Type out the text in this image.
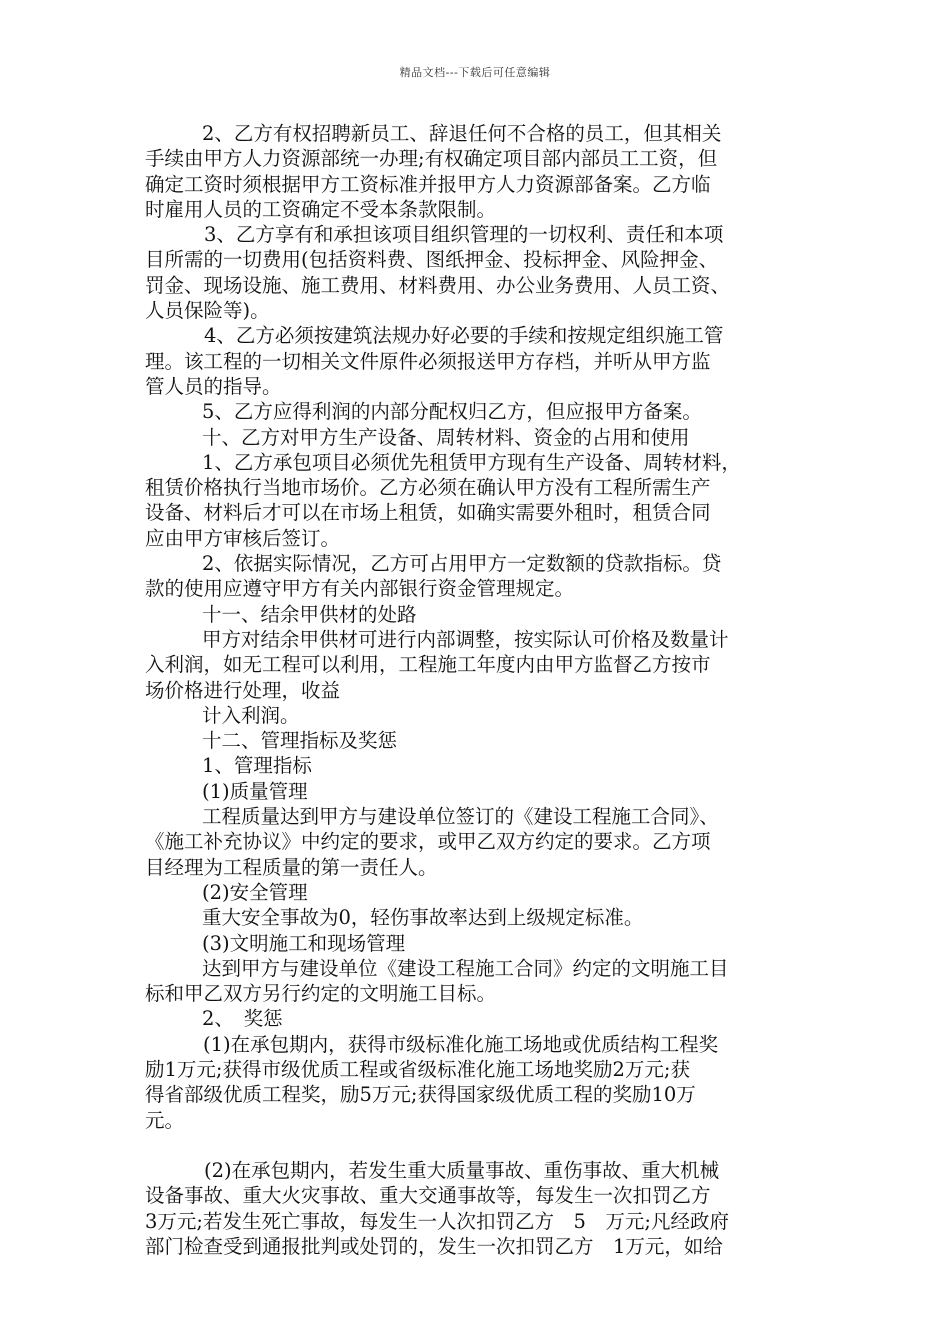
精品文档---下载后可任意编辑
2、乙方有权招聘新员工、辞退任何不合格的员工，但其相关
手续由甲方人力资源部统一办理;有权确定项目部内部员工工资，但
确定工资时须根据甲方工资标准并报甲方人力资源部备案。乙方临
时雇用人员的工资确定不受本条款限制。
3、乙方享有和承担该项目组织管理的一切权利、责任和本项
目所需的一切费用(包括资料费、图纸押金、投标押金、风险押金、
罚金、现场设施、施工费用、材料费用、办公业务费用、人员工资、
人员保险等)。
4、乙方必须按建筑法规办好必要的手续和按规定组织施工管
理。该工程的一切相关文件原件必须报送甲方存档，并听从甲方监
管人员的指导。
5、乙方应得利润的内部分配权归乙方，但应报甲方备案。
十、乙方对甲方生产设备、周转材料、资金的占用和使用
1、乙方承包项目必须优先租赁甲方现有生产设备、周转材料，
租赁价格执行当地市场价。乙方必须在确认甲方没有工程所需生产
设备、材料后才可以在市场上租赁，如确实需要外租时，租赁合同
应由甲方审核后签订。
2、依据实际情况，乙方可占用甲方一定数额的贷款指标。贷
款的使用应遵守甲方有关内部银行资金管理规定。
十一、结余甲供材的处路
甲方对结余甲供材可进行内部调整，按实际认可价格及数量计
入利润，如无工程可以利用，工程施工年度内由甲方监督乙方按市
场价格进行处理，收益
计入利润。
十二、管理指标及奖惩
1、管理指标
(1)质量管理
工程质量达到甲方与建设单位签订的《建设工程施工合同》、
《施工补充协议》中约定的要求，或甲乙双方约定的要求。乙方项
目经理为工程质量的第一责任人。
(2)安全管理
重大安全事故为0，轻伤事故率达到上级规定标准。
(3)文明施工和现场管理
达到甲方与建设单位《建设工程施工合同》约定的文明施工目
标和甲乙双方另行约定的文明施工目标。
2、　奖惩
(1)在承包期内，获得市级标准化施工场地或优质结构工程奖
励1万元;获得市级优质工程或省级标准化施工场地奖励2万元;获
得省部级优质工程奖，励5万元;获得国家级优质工程的奖励10万
元。
(2)在承包期内，若发生重大质量事故、重伤事故、重大机械
设备事故、重大火灾事故、重大交通事故等，每发生一次扣罚乙方
3万元;若发生死亡事故，每发生一人次扣罚乙方　5　万元;凡经政府
部门检查受到通报批判或处罚的，发生一次扣罚乙方　1万元，如给
